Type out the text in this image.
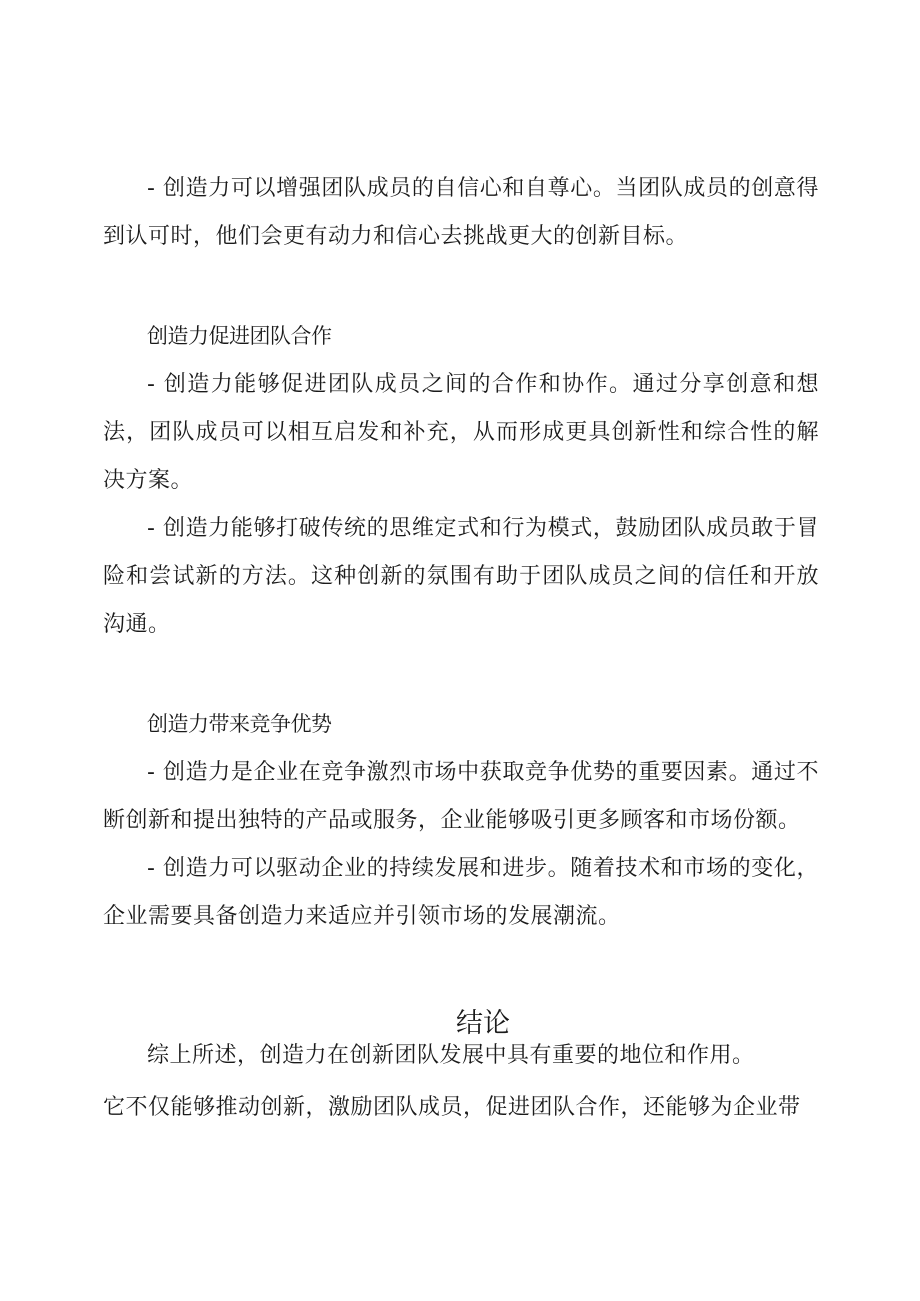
- 创造力可以增强团队成员的自信心和自尊心。当团队成员的创意得到认可时，他们会更有动力和信心去挑战更大的创新目标。

创造力促进团队合作

- 创造力能够促进团队成员之间的合作和协作。通过分享创意和想法，团队成员可以相互启发和补充，从而形成更具创新性和综合性的解决方案。

- 创造力能够打破传统的思维定式和行为模式，鼓励团队成员敢于冒险和尝试新的方法。这种创新的氛围有助于团队成员之间的信任和开放沟通。

创造力带来竞争优势

- 创造力是企业在竞争激烈市场中获取竞争优势的重要因素。通过不断创新和提出独特的产品或服务，企业能够吸引更多顾客和市场份额。

- 创造力可以驱动企业的持续发展和进步。随着技术和市场的变化，企业需要具备创造力来适应并引领市场的发展潮流。

结论

综上所述，创造力在创新团队发展中具有重要的地位和作用。

它不仅能够推动创新，激励团队成员，促进团队合作，还能够为企业带
